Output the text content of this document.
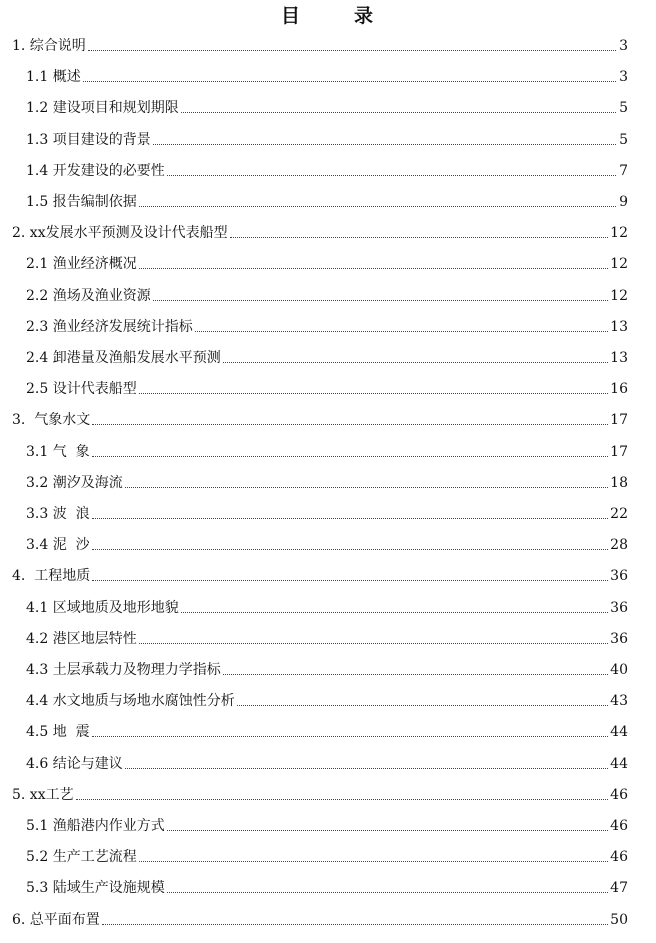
目	录
1. 综合说明	3
1.1 概述	3
1.2 建设项目和规划期限	5
1.3 项目建设的背景	5
1.4 开发建设的必要性	7
1.5 报告编制依据	9
2. xx发展水平预测及设计代表船型	12
2.1 渔业经济概况	12
2.2 渔场及渔业资源	12
2.3 渔业经济发展统计指标	13
2.4 卸港量及渔船发展水平预测	13
2.5 设计代表船型	16
3.  气象水文	17
3.1 气  象	17
3.2 潮汐及海流	18
3.3 波  浪	22
3.4 泥  沙	28
4.  工程地质	36
4.1 区域地质及地形地貌	36
4.2 港区地层特性	36
4.3 土层承载力及物理力学指标	40
4.4 水文地质与场地水腐蚀性分析	43
4.5 地  震	44
4.6 结论与建议	44
5. xx工艺	46
5.1 渔船港内作业方式	46
5.2 生产工艺流程	46
5.3 陆域生产设施规模	47
6. 总平面布置	50
